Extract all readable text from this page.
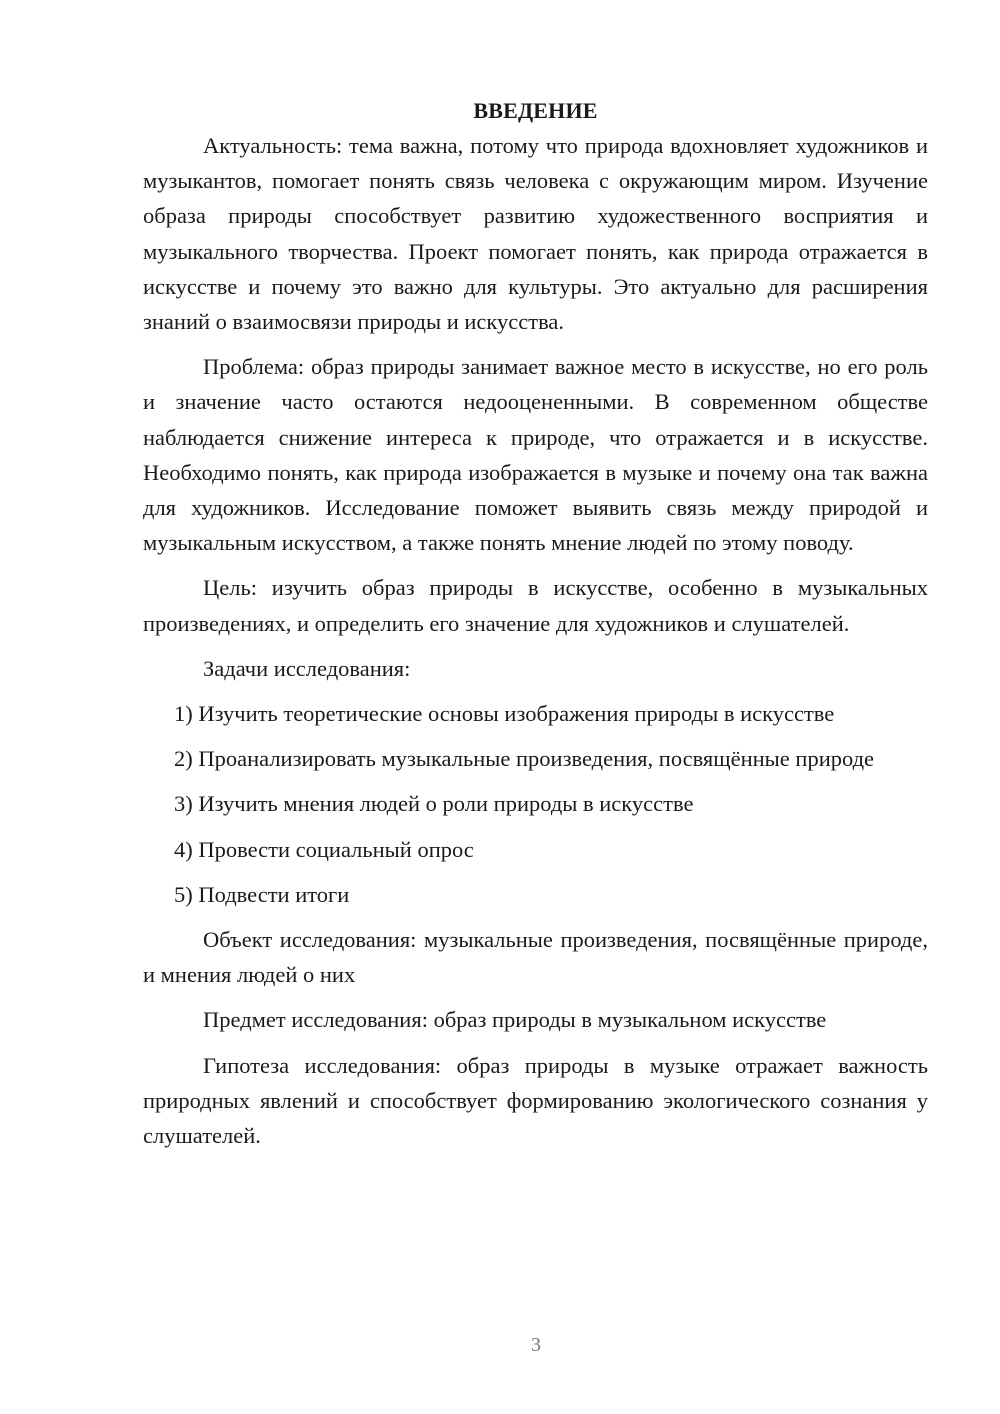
ВВЕДЕНИЕ

Актуальность: тема важна, потому что природа вдохновляет художников и музыкантов, помогает понять связь человека с окружающим миром. Изучение образа природы способствует развитию художественного восприятия и музыкального творчества. Проект помогает понять, как природа отражается в искусстве и почему это важно для культуры. Это актуально для расширения знаний о взаимосвязи природы и искусства.

Проблема: образ природы занимает важное место в искусстве, но его роль и значение часто остаются недооцененными. В современном обществе наблюдается снижение интереса к природе, что отражается и в искусстве. Необходимо понять, как природа изображается в музыке и почему она так важна для художников. Исследование поможет выявить связь между природой и музыкальным искусством, а также понять мнение людей по этому поводу.

Цель: изучить образ природы в искусстве, особенно в музыкальных произведениях, и определить его значение для художников и слушателей.

Задачи исследования:

1) Изучить теоретические основы изображения природы в искусстве

2) Проанализировать музыкальные произведения, посвящённые природе

3) Изучить мнения людей о роли природы в искусстве

4) Провести социальный опрос

5) Подвести итоги

Объект исследования: музыкальные произведения, посвящённые природе, и мнения людей о них

Предмет исследования: образ природы в музыкальном искусстве

Гипотеза исследования: образ природы в музыке отражает важность природных явлений и способствует формированию экологического сознания у слушателей.

3
